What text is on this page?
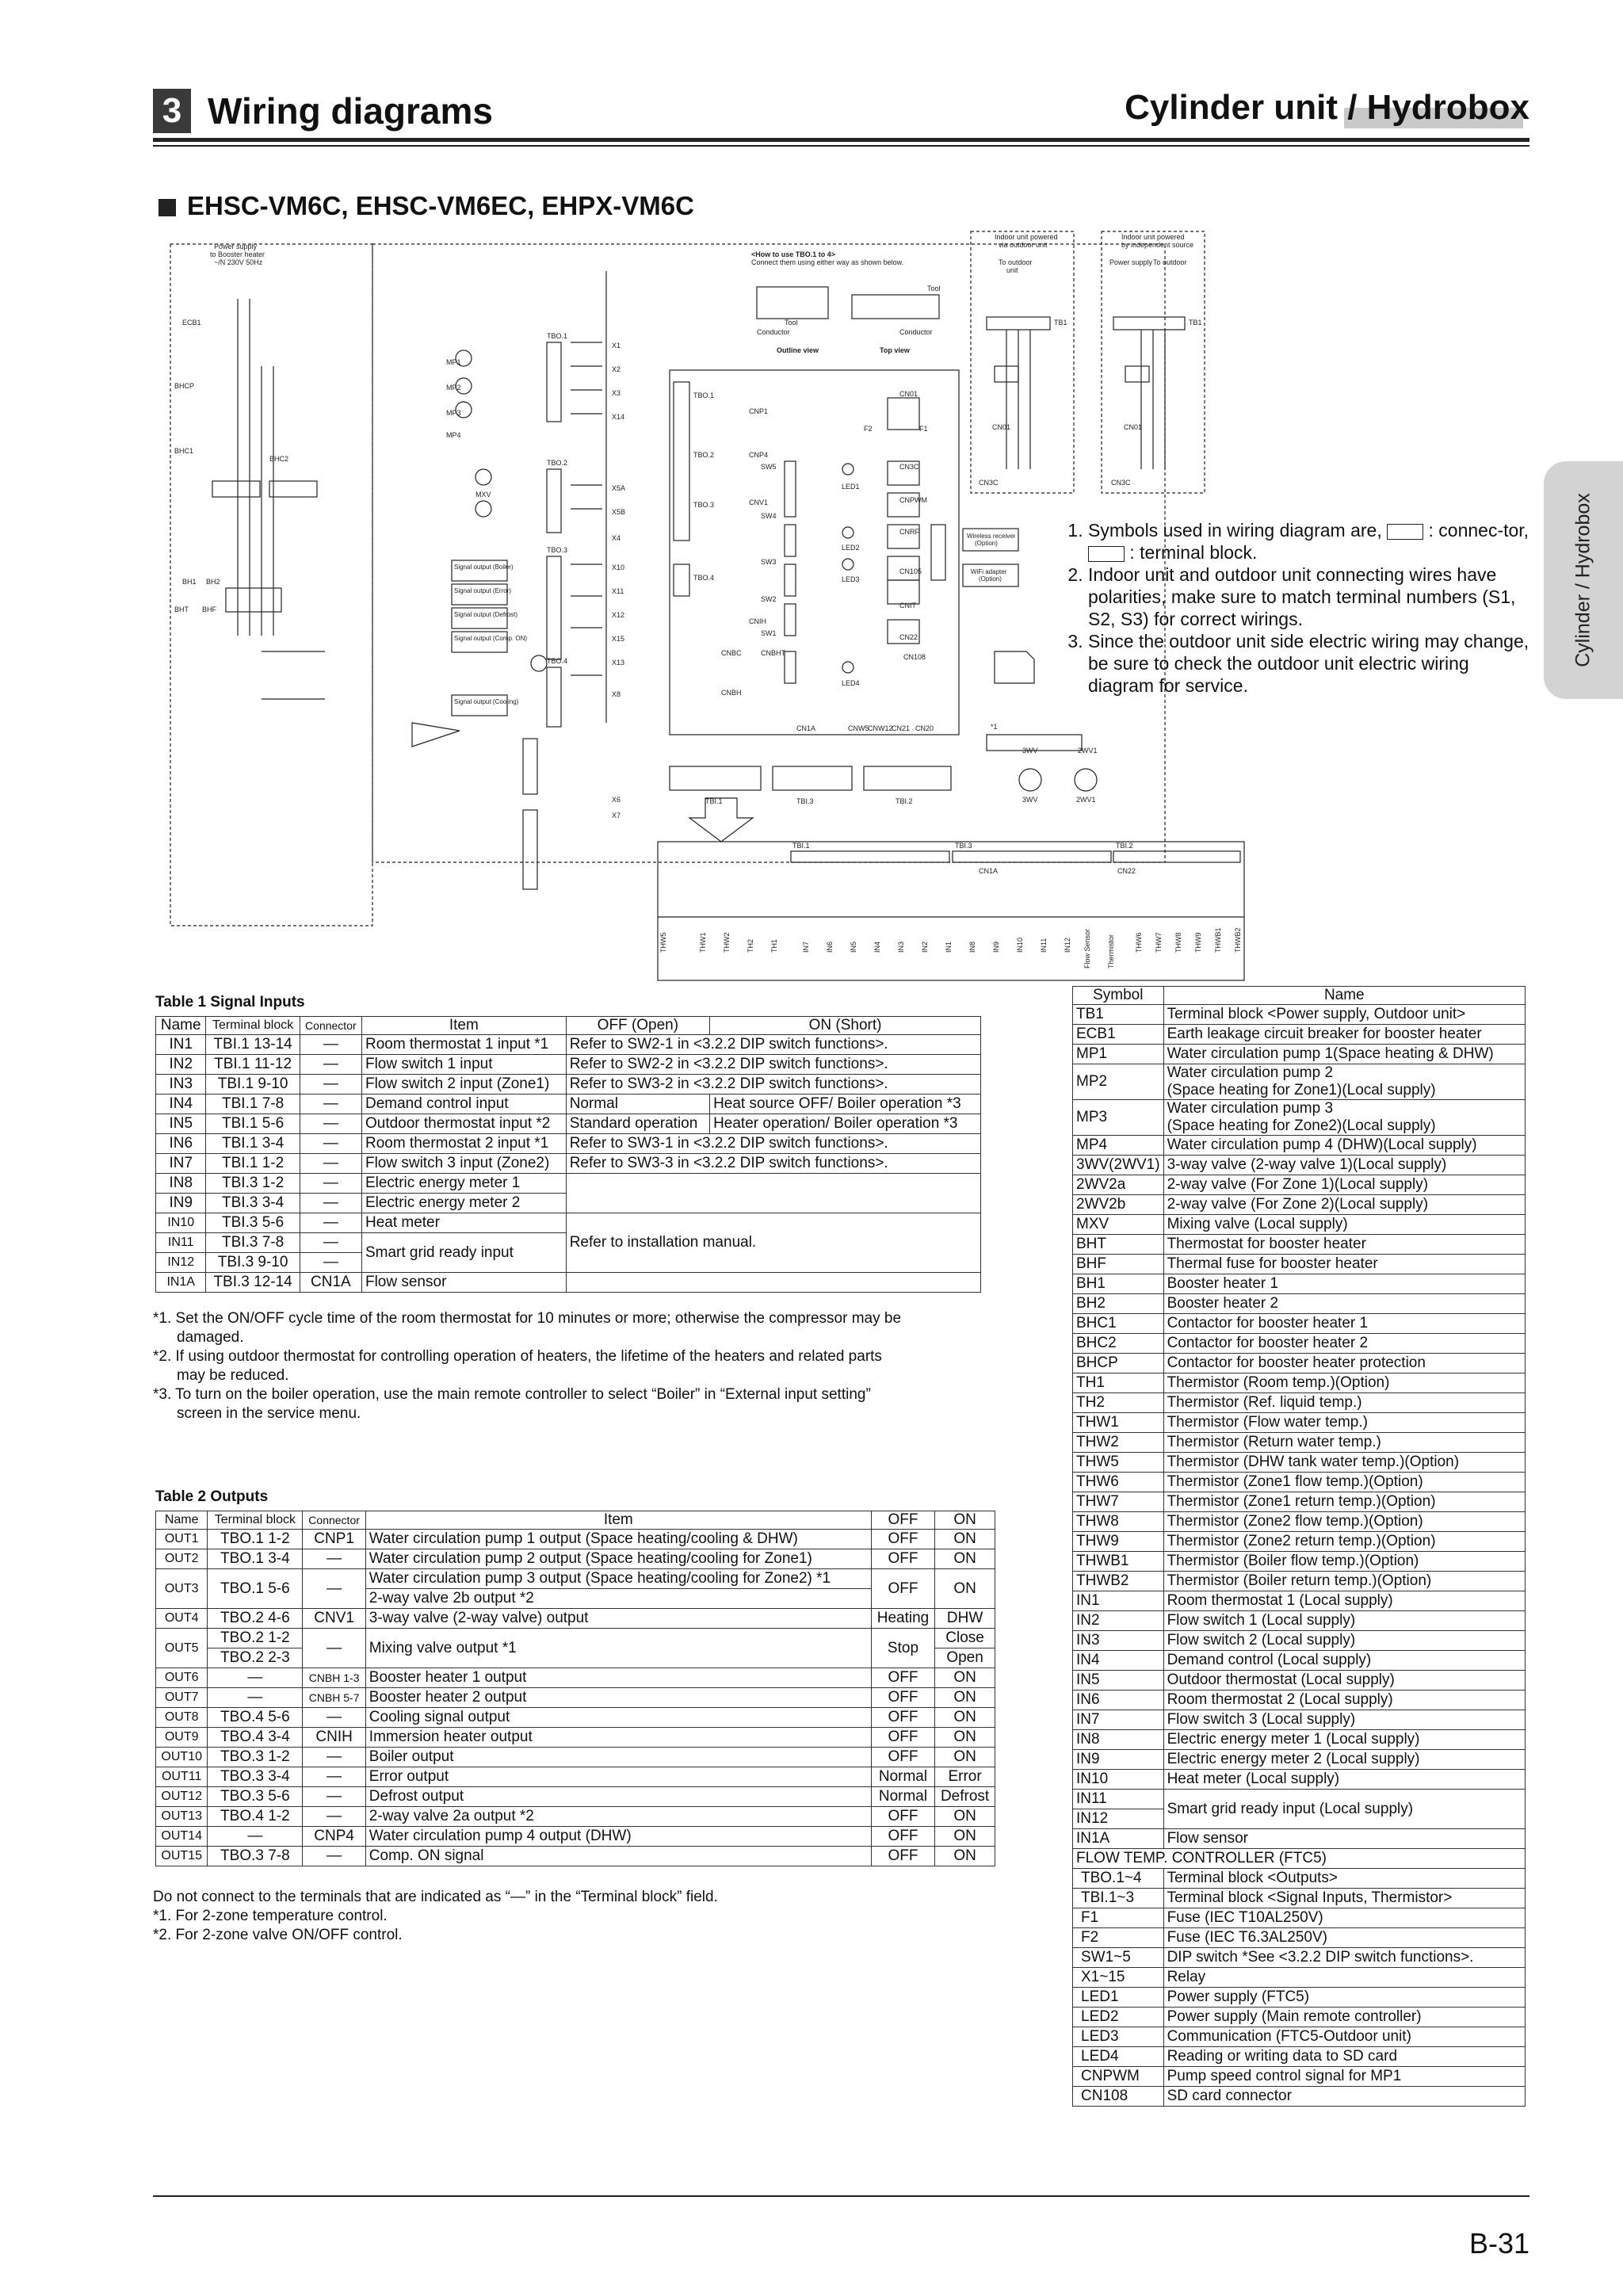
3 Wiring diagrams	Cylinder unit / Hydrobox
Cylinder / Hydrobox
EHSC-VM6C, EHSC-VM6EC, EHPX-VM6C
Power supply
to Booster heater
~/N 230V 50Hz
ECB1
BHCP
BHC1
BHC2
BH1 BH2
BHT BHF
MP1
MP2
MP3
MP4
MXV
TBO.1
TBO.2
TBO.3
TBO.4
X1
X2
X3
X14
X5A
X5B
X4
X10
X11
X12
X15
X13
X8
X6
X7
Signal output (Boiler)
Signal output (Error)
Signal output (Defrost)
Signal output (Comp. ON)
Signal output (Cooling)
<How to use TBO.1 to 4>
Connect them using either way as shown below.
Tool
Tool
Conductor	Conductor
Outline view	Top view
TBO.1
TBO.2
TBO.3
TBO.4
CNP1
CNP4
CNV1
CNIH
CNBC	CNBHT
CNBH
SW5
SW4
SW3
SW2
SW1
LED1
LED2
LED3
LED4
F2	F1
CN01
CN3C
CNPWM
CNRF
CN105
CNIT
CN22
CN108
Wireless receiver
(Option)
WiFi adapter
(Option)
CN1A	CNW5
CNW12
CN21 CN20
TBI.1	TBI.3	TBI.2
Indoor unit powered
via outdoor unit
Indoor unit powered
by independent source
To outdoor
unit
Power supply To outdoor
TB1	TB1
CN01	CN01
CN3C	CN3C
*1
3WV	2WV1
3WV	2WV1
TBI.1	TBI.3	TBI.2
CN1A	CN22
THW5	THW1 THW2 TH2 TH1	IN7 IN6 IN5 IN4 IN3 IN2 IN1 IN8 IN9 IN10 IN11 IN12 Flow Sensor Thermistor	THW6 THW7 THW8 THW9 THWB1 THWB2
1. Symbols used in wiring diagram are,  : connec-tor,  : terminal block.
2. Indoor unit and outdoor unit connecting wires have polarities, make sure to match terminal numbers (S1, S2, S3) for correct wirings.
3. Since the outdoor unit side electric wiring may change, be sure to check the outdoor unit electric wiring diagram for service.
Table 1 Signal Inputs
Name	Terminal block	Connector	Item	OFF (Open)	ON (Short)
IN1	TBI.1 13-14	—	Room thermostat 1 input *1	Refer to SW2-1 in <3.2.2 DIP switch functions>.	
IN2	TBI.1 11-12	—	Flow switch 1 input	Refer to SW2-2 in <3.2.2 DIP switch functions>.	
IN3	TBI.1 9-10	—	Flow switch 2 input (Zone1)	Refer to SW3-2 in <3.2.2 DIP switch functions>.	
IN4	TBI.1 7-8	—	Demand control input	Normal	Heat source OFF/ Boiler operation *3
IN5	TBI.1 5-6	—	Outdoor thermostat input *2	Standard operation	Heater operation/ Boiler operation *3
IN6	TBI.1 3-4	—	Room thermostat 2 input *1	Refer to SW3-1 in <3.2.2 DIP switch functions>.	
IN7	TBI.1 1-2	—	Flow switch 3 input (Zone2)	Refer to SW3-3 in <3.2.2 DIP switch functions>.	
IN8	TBI.3 1-2	—	Electric energy meter 1		
IN9	TBI.3 3-4	—	Electric energy meter 2		
IN10	TBI.3 5-6	—	Heat meter	Refer to installation manual.	
IN11	TBI.3 7-8	—	Smart grid ready input		
IN12	TBI.3 9-10	—			
IN1A	TBI.3 12-14	CN1A	Flow sensor		
*1. Set the ON/OFF cycle time of the room thermostat for 10 minutes or more; otherwise the compressor may be
damaged.
*2. If using outdoor thermostat for controlling operation of heaters, the lifetime of the heaters and related parts
may be reduced.
*3. To turn on the boiler operation, use the main remote controller to select “Boiler” in “External input setting”
screen in the service menu.
Table 2 Outputs
Name	Terminal block	Connector	Item	OFF	ON
OUT1	TBO.1 1-2	CNP1	Water circulation pump 1 output (Space heating/cooling & DHW)	OFF	ON
OUT2	TBO.1 3-4	—	Water circulation pump 2 output (Space heating/cooling for Zone1)	OFF	ON
OUT3	TBO.1 5-6	—	Water circulation pump 3 output (Space heating/cooling for Zone2) *1	OFF	ON
			2-way valve 2b output *2		
OUT4	TBO.2 4-6	CNV1	3-way valve (2-way valve) output	Heating	DHW
OUT5	TBO.2 1-2	—	Mixing valve output *1	Stop	Close
	TBO.2 2-3				Open
OUT6	—	CNBH 1-3	Booster heater 1 output	OFF	ON
OUT7	—	CNBH 5-7	Booster heater 2 output	OFF	ON
OUT8	TBO.4 5-6	—	Cooling signal output	OFF	ON
OUT9	TBO.4 3-4	CNIH	Immersion heater output	OFF	ON
OUT10	TBO.3 1-2	—	Boiler output	OFF	ON
OUT11	TBO.3 3-4	—	Error output	Normal	Error
OUT12	TBO.3 5-6	—	Defrost output	Normal	Defrost
OUT13	TBO.4 1-2	—	2-way valve 2a output *2	OFF	ON
OUT14	—	CNP4	Water circulation pump 4 output (DHW)	OFF	ON
OUT15	TBO.3 7-8	—	Comp. ON signal	OFF	ON
Do not connect to the terminals that are indicated as “—” in the “Terminal block” field.
*1. For 2-zone temperature control.
*2. For 2-zone valve ON/OFF control.
Symbol	Name
TB1	Terminal block <Power supply, Outdoor unit>
ECB1	Earth leakage circuit breaker for booster heater
MP1	Water circulation pump 1(Space heating & DHW)
MP2	Water circulation pump 2
(Space heating for Zone1)(Local supply)
MP3	Water circulation pump 3
(Space heating for Zone2)(Local supply)
MP4	Water circulation pump 4 (DHW)(Local supply)
3WV(2WV1)	3-way valve (2-way valve 1)(Local supply)
2WV2a	2-way valve (For Zone 1)(Local supply)
2WV2b	2-way valve (For Zone 2)(Local supply)
MXV	Mixing valve (Local supply)
BHT	Thermostat for booster heater
BHF	Thermal fuse for booster heater
BH1	Booster heater 1
BH2	Booster heater 2
BHC1	Contactor for booster heater 1
BHC2	Contactor for booster heater 2
BHCP	Contactor for booster heater protection
TH1	Thermistor (Room temp.)(Option)
TH2	Thermistor (Ref. liquid temp.)
THW1	Thermistor (Flow water temp.)
THW2	Thermistor (Return water temp.)
THW5	Thermistor (DHW tank water temp.)(Option)
THW6	Thermistor (Zone1 flow temp.)(Option)
THW7	Thermistor (Zone1 return temp.)(Option)
THW8	Thermistor (Zone2 flow temp.)(Option)
THW9	Thermistor (Zone2 return temp.)(Option)
THWB1	Thermistor (Boiler flow temp.)(Option)
THWB2	Thermistor (Boiler return temp.)(Option)
IN1	Room thermostat 1 (Local supply)
IN2	Flow switch 1 (Local supply)
IN3	Flow switch 2 (Local supply)
IN4	Demand control (Local supply)
IN5	Outdoor thermostat (Local supply)
IN6	Room thermostat 2 (Local supply)
IN7	Flow switch 3 (Local supply)
IN8	Electric energy meter 1 (Local supply)
IN9	Electric energy meter 2 (Local supply)
IN10	Heat meter (Local supply)
IN11	Smart grid ready input (Local supply)
IN12	
IN1A	Flow sensor
FLOW TEMP. CONTROLLER (FTC5)	
TBO.1~4	Terminal block <Outputs>
TBI.1~3	Terminal block <Signal Inputs, Thermistor>
F1	Fuse (IEC T10AL250V)
F2	Fuse (IEC T6.3AL250V)
SW1~5	DIP switch *See <3.2.2 DIP switch functions>.
X1~15	Relay
LED1	Power supply (FTC5)
LED2	Power supply (Main remote controller)
LED3	Communication (FTC5-Outdoor unit)
LED4	Reading or writing data to SD card
CNPWM	Pump speed control signal for MP1
CN108	SD card connector
B-31
